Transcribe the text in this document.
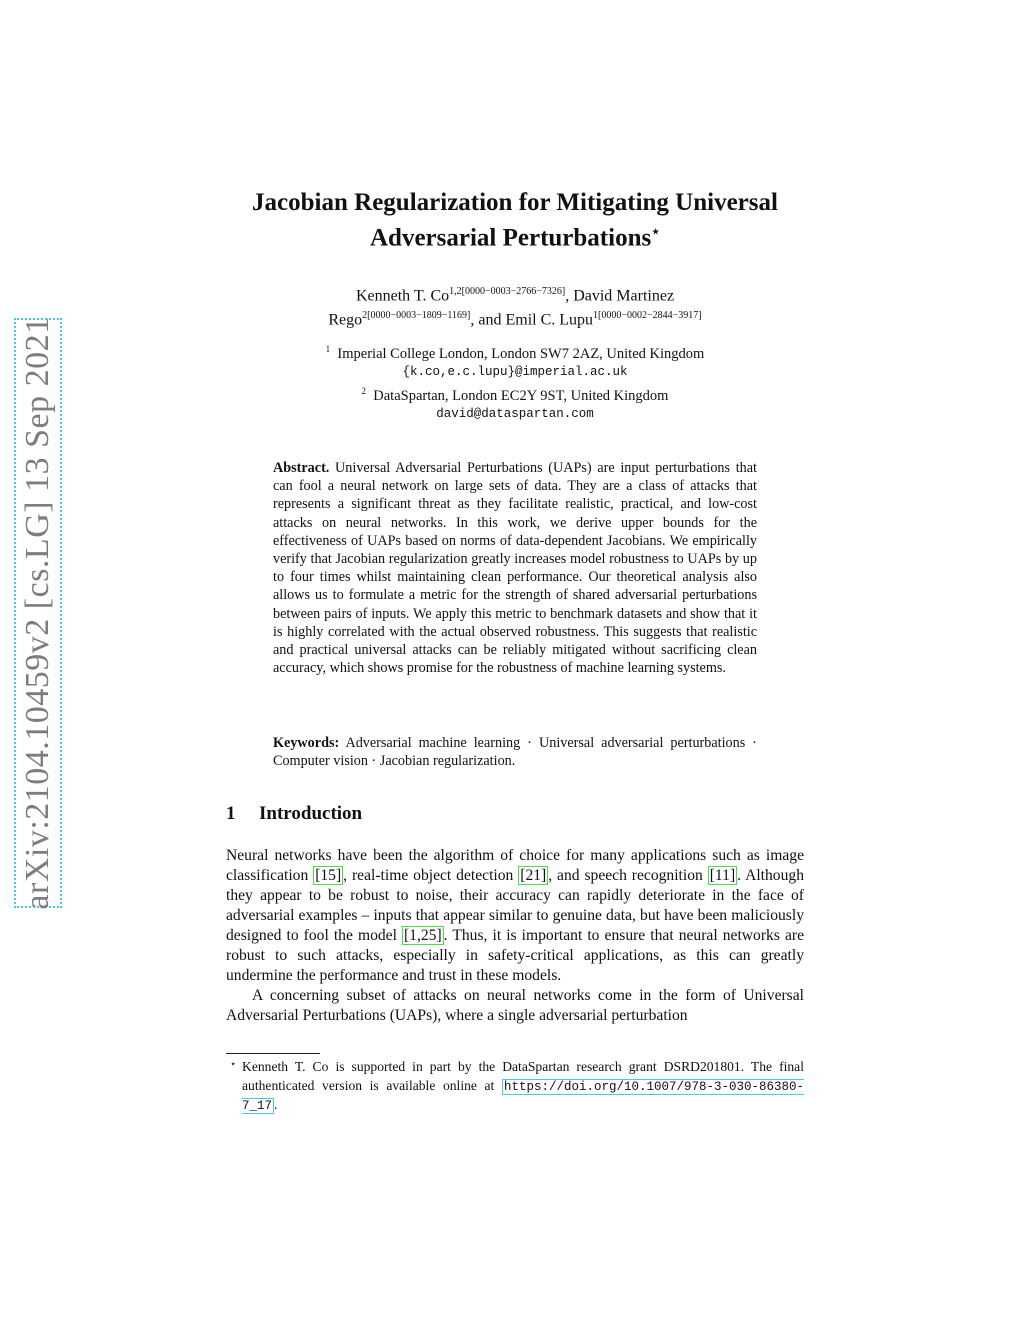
arXiv:2104.10459v2 [cs.LG] 13 Sep 2021
Jacobian Regularization for Mitigating Universal
Adversarial Perturbations⋆
Kenneth T. $Co^{1,2[0000-0003-2766-7326]}$, David Martinez
Rego$^{2[0000-0003-1809-1169]}$, and Emil C. Lupu$^{1[0000-0002-2844-3917]}$
$^1$ Imperial College London, London SW7 2AZ, United Kingdom
{k.co,e.c.lupu}@imperial.ac.uk
$^2$ DataSpartan, London EC2Y 9ST, United Kingdom
david@dataspartan.com

Abstract. Universal Adversarial Perturbations (UAPs) are input perturbations that can fool a neural network on large sets of data. They are a class of attacks that represents a significant threat as they facilitate realistic, practical, and low-cost attacks on neural networks. In this work, we derive upper bounds for the effectiveness of UAPs based on norms of data-dependent Jacobians. We empirically verify that Jacobian regularization greatly increases model robustness to UAPs by up to four times whilst maintaining clean performance. Our theoretical analysis also allows us to formulate a metric for the strength of shared adversarial perturbations between pairs of inputs. We apply this metric to benchmark datasets and show that it is highly correlated with the actual observed robustness. This suggests that realistic and practical universal attacks can be reliably mitigated without sacrificing clean accuracy, which shows promise for the robustness of machine learning systems.

Keywords: Adversarial machine learning · Universal adversarial perturbations · Computer vision · Jacobian regularization.

1 Introduction

Neural networks have been the algorithm of choice for many applications such as image classification [15] , real-time object detection [21] , and speech recognition [11] . Although they appear to be robust to noise, their accuracy can rapidly deteriorate in the face of adversarial examples – inputs that appear similar to genuine data, but have been maliciously designed to fool the model [1,25] . Thus, it is important to ensure that neural networks are robust to such attacks, especially in safety-critical applications, as this can greatly undermine the performance and trust in these models.

A concerning subset of attacks on neural networks come in the form of Universal Adversarial Perturbations (UAPs), where a single adversarial perturbation

⋆ Kenneth T. Co is supported in part by the DataSpartan research grant DSRD201801. The final authenticated version is available online at https://doi.org/10.1007/978-3-030-86380-7_17 .
